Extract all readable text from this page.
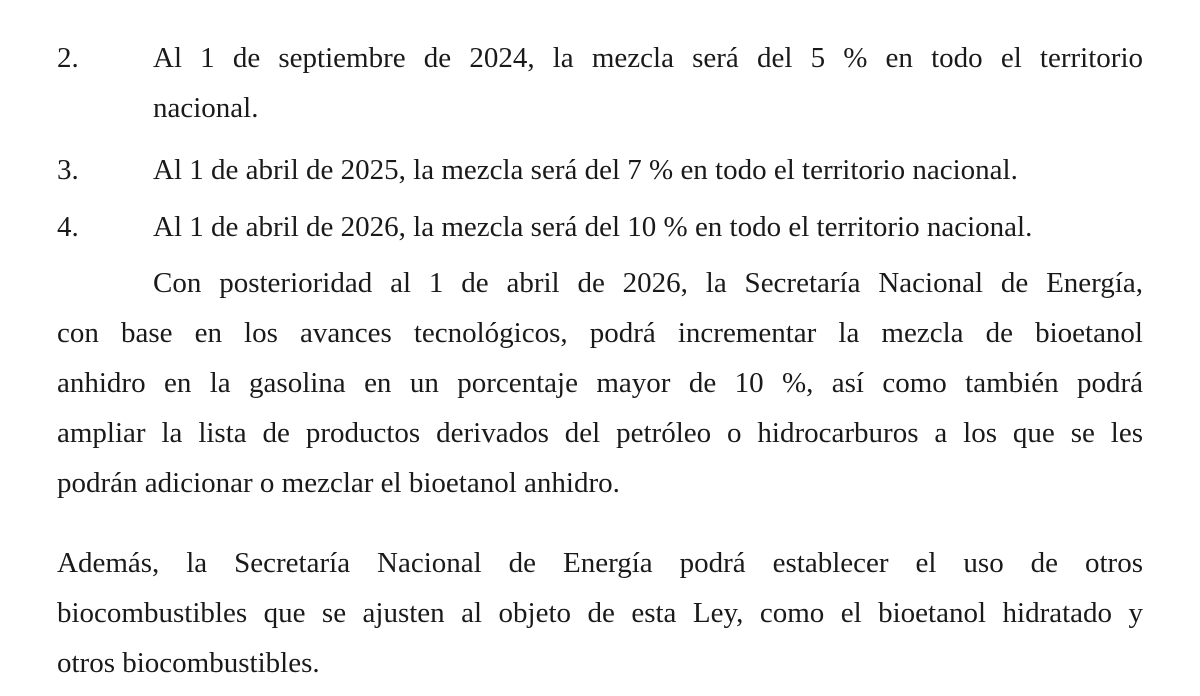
2.	Al 1 de septiembre de 2024, la mezcla será del 5 % en todo el territorio
nacional.
3.	Al 1 de abril de 2025, la mezcla será del 7 % en todo el territorio nacional.
4.	Al 1 de abril de 2026, la mezcla será del 10 % en todo el territorio nacional.
Con posterioridad al 1 de abril de 2026, la Secretaría Nacional de Energía,
con base en los avances tecnológicos, podrá incrementar la mezcla de bioetanol
anhidro en la gasolina en un porcentaje mayor de 10 %, así como también podrá
ampliar la lista de productos derivados del petróleo o hidrocarburos a los que se les
podrán adicionar o mezclar el bioetanol anhidro.
Además, la Secretaría Nacional de Energía podrá establecer el uso de otros
biocombustibles que se ajusten al objeto de esta Ley, como el bioetanol hidratado y
otros biocombustibles.
